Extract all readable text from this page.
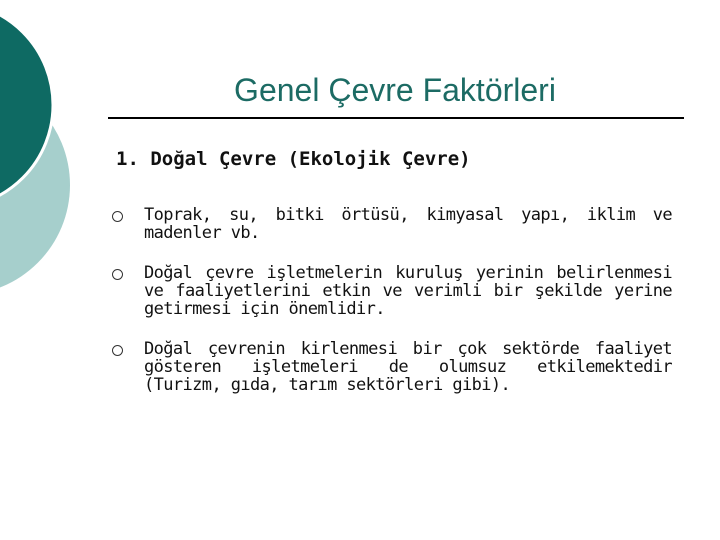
Genel Çevre Faktörleri
1. Doğal Çevre (Ekolojik Çevre)
Toprak, su, bitki örtüsü, kimyasal yapı, iklim ve madenler vb.
Doğal çevre işletmelerin kuruluş yerinin belirlenmesi ve faaliyetlerini etkin ve verimli bir şekilde yerine getirmesi için önemlidir.
Doğal çevrenin kirlenmesi bir çok sektörde faaliyet gösteren işletmeleri de olumsuz etkilemektedir (Turizm, gıda, tarım sektörleri gibi).
